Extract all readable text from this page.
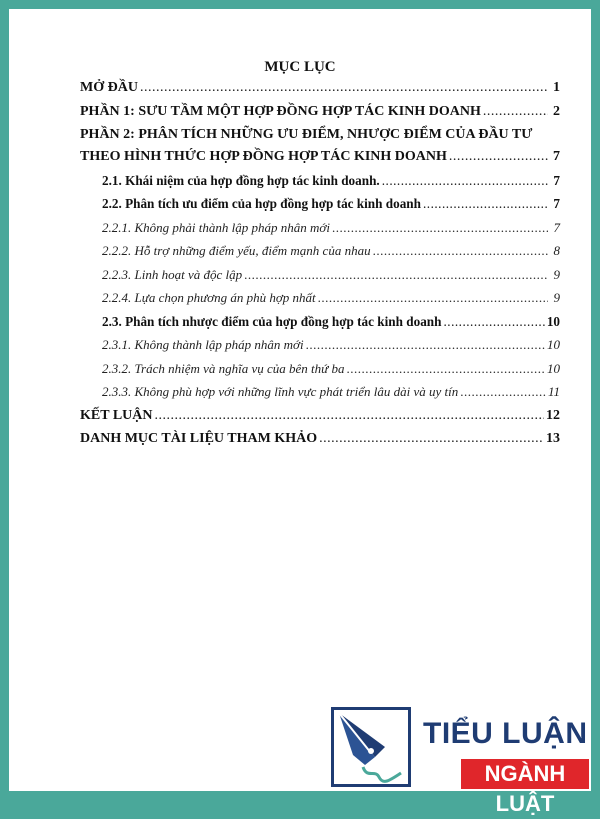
MỤC LỤC
MỞ ĐẦU .....	1
PHẦN 1: SƯU TẦM MỘT HỢP ĐỒNG HỢP TÁC KINH DOANH .....	2
PHẦN 2: PHÂN TÍCH NHỮNG ƯU ĐIỂM, NHƯỢC ĐIỂM CỦA ĐẦU TƯ
THEO HÌNH THỨC HỢP ĐỒNG HỢP TÁC KINH DOANH .....	7
2.1. Khái niệm của hợp đồng hợp tác kinh doanh. .....	7
2.2. Phân tích ưu điểm của hợp đồng hợp tác kinh doanh .....	7
2.2.1. Không phải thành lập pháp nhân mới .....	7
2.2.2. Hỗ trợ những điểm yếu, điểm mạnh của nhau .....	8
2.2.3. Linh hoạt và độc lập .....	9
2.2.4. Lựa chọn phương án phù hợp nhất .....	9
2.3. Phân tích nhược điểm của hợp đồng hợp tác kinh doanh .....	10
2.3.1. Không thành lập pháp nhân mới .....	10
2.3.2. Trách nhiệm và nghĩa vụ của bên thứ ba .....	10
2.3.3. Không phù hợp với những lĩnh vực phát triển lâu dài và uy tín .....	11
KẾT LUẬN .....	12
DANH MỤC TÀI LIỆU THAM KHẢO .....	13
TIỂU LUẬN
NGÀNH LUẬT
